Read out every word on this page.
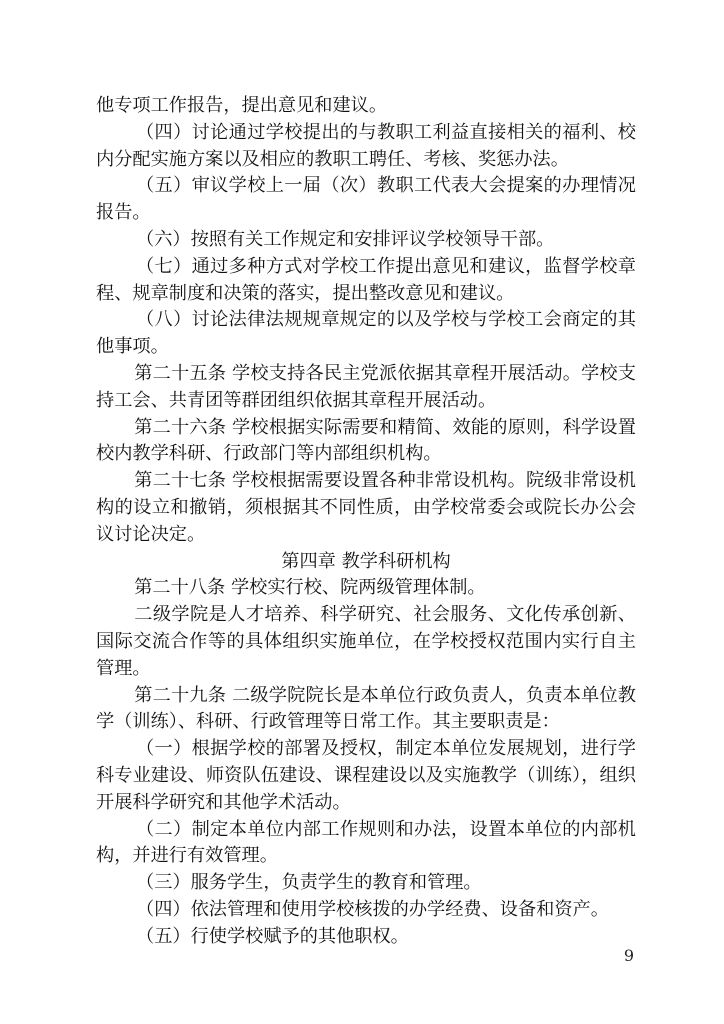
他专项工作报告，提出意见和建议。

（四）讨论通过学校提出的与教职工利益直接相关的福利、校内分配实施方案以及相应的教职工聘任、考核、奖惩办法。

（五）审议学校上一届（次）教职工代表大会提案的办理情况报告。

（六）按照有关工作规定和安排评议学校领导干部。

（七）通过多种方式对学校工作提出意见和建议，监督学校章程、规章制度和决策的落实，提出整改意见和建议。

（八）讨论法律法规规章规定的以及学校与学校工会商定的其他事项。

第二十五条 学校支持各民主党派依据其章程开展活动。学校支持工会、共青团等群团组织依据其章程开展活动。

第二十六条 学校根据实际需要和精简、效能的原则，科学设置校内教学科研、行政部门等内部组织机构。

第二十七条 学校根据需要设置各种非常设机构。院级非常设机构的设立和撤销，须根据其不同性质，由学校常委会或院长办公会议讨论决定。

第四章 教学科研机构

第二十八条 学校实行校、院两级管理体制。

二级学院是人才培养、科学研究、社会服务、文化传承创新、国际交流合作等的具体组织实施单位，在学校授权范围内实行自主管理。

第二十九条 二级学院院长是本单位行政负责人，负责本单位教学（训练）、科研、行政管理等日常工作。其主要职责是：

（一）根据学校的部署及授权，制定本单位发展规划，进行学科专业建设、师资队伍建设、课程建设以及实施教学（训练），组织开展科学研究和其他学术活动。

（二）制定本单位内部工作规则和办法，设置本单位的内部机构，并进行有效管理。

（三）服务学生，负责学生的教育和管理。

（四）依法管理和使用学校核拨的办学经费、设备和资产。

（五）行使学校赋予的其他职权。

9
